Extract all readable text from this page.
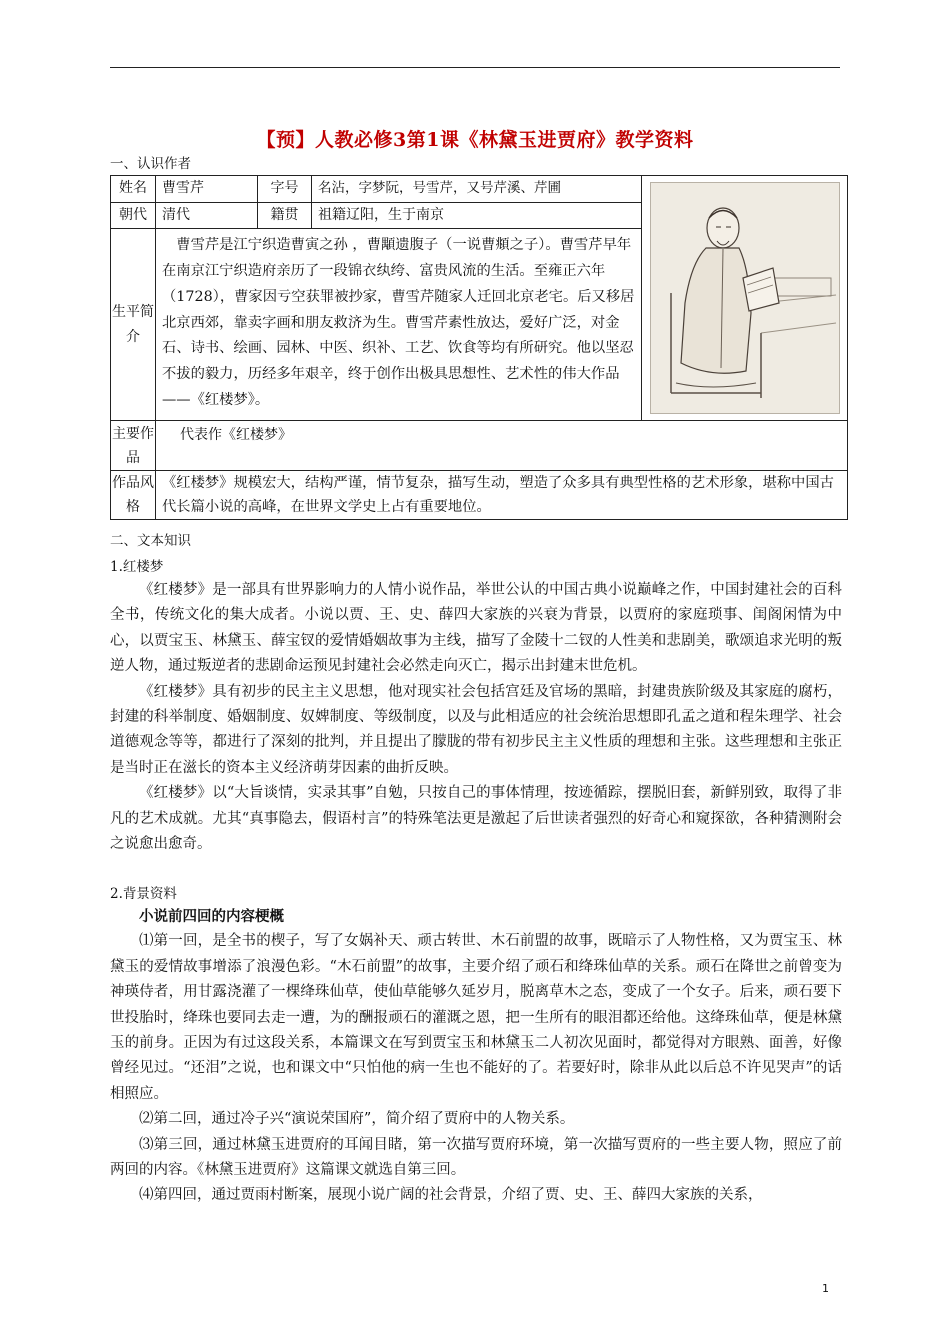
【预】人教必修3第1课《林黛玉进贾府》教学资料
一、认识作者
姓名	曹雪芹	字号	名沾，字梦阮，号雪芹，又号芹溪、芹圃	

朝代	清代	籍贯	祖籍辽阳，生于南京	
生平简介	曹雪芹是江宁织造曹寅之孙 ，曹顒遗腹子（一说曹頫之子）。曹雪芹早年在南京江宁织造府亲历了一段锦衣纨绔、富贵风流的生活。至雍正六年（1728），曹家因亏空获罪被抄家，曹雪芹随家人迁回北京老宅。后又移居北京西郊，靠卖字画和朋友救济为生。曹雪芹素性放达，爱好广泛，对金石、诗书、绘画、园林、中医、织补、工艺、饮食等均有所研究。他以坚忍不拔的毅力，历经多年艰辛，终于创作出极具思想性、艺术性的伟大作品——《红楼梦》。			
主要作品	代表作《红楼梦》			
作品风格	《红楼梦》规模宏大，结构严谨，情节复杂，描写生动，塑造了众多具有典型性格的艺术形象，堪称中国古代长篇小说的高峰，在世界文学史上占有重要地位。			
二、文本知识
1.红楼梦

《红楼梦》是一部具有世界影响力的人情小说作品，举世公认的中国古典小说巅峰之作，中国封建社会的百科全书，传统文化的集大成者。小说以贾、王、史、薛四大家族的兴衰为背景，以贾府的家庭琐事、闺阁闲情为中心，以贾宝玉、林黛玉、薛宝钗的爱情婚姻故事为主线，描写了金陵十二钗的人性美和悲剧美，歌颂追求光明的叛逆人物，通过叛逆者的悲剧命运预见封建社会必然走向灭亡，揭示出封建末世危机。

《红楼梦》具有初步的民主主义思想，他对现实社会包括宫廷及官场的黑暗，封建贵族阶级及其家庭的腐朽，封建的科举制度、婚姻制度、奴婢制度、等级制度，以及与此相适应的社会统治思想即孔孟之道和程朱理学、社会道德观念等等，都进行了深刻的批判，并且提出了朦胧的带有初步民主主义性质的理想和主张。这些理想和主张正是当时正在滋长的资本主义经济萌芽因素的曲折反映。

《红楼梦》以“大旨谈情，实录其事”自勉，只按自己的事体情理，按迹循踪，摆脱旧套，新鲜别致，取得了非凡的艺术成就。尤其“真事隐去，假语村言”的特殊笔法更是激起了后世读者强烈的好奇心和窥探欲，各种猜测附会之说愈出愈奇。

2.背景资料
小说前四回的内容梗概

⑴第一回，是全书的楔子，写了女娲补天、顽古转世、木石前盟的故事，既暗示了人物性格，又为贾宝玉、林黛玉的爱情故事增添了浪漫色彩。“木石前盟”的故事，主要介绍了顽石和绛珠仙草的关系。顽石在降世之前曾变为神瑛侍者，用甘露浇灌了一棵绛珠仙草，使仙草能够久延岁月，脱离草木之态，变成了一个女子。后来，顽石要下世投胎时，绛珠也要同去走一遭，为的酬报顽石的灌溉之恩，把一生所有的眼泪都还给他。这绛珠仙草，便是林黛玉的前身。正因为有过这段关系，本篇课文在写到贾宝玉和林黛玉二人初次见面时，都觉得对方眼熟、面善，好像曾经见过。“还泪”之说，也和课文中“只怕他的病一生也不能好的了。若要好时，除非从此以后总不许见哭声”的话相照应。

⑵第二回，通过冷子兴“演说荣国府”，简介绍了贾府中的人物关系。

⑶第三回，通过林黛玉进贾府的耳闻目睹，第一次描写贾府环境，第一次描写贾府的一些主要人物，照应了前两回的内容。《林黛玉进贾府》这篇课文就选自第三回。

⑷第四回，通过贾雨村断案，展现小说广阔的社会背景，介绍了贾、史、王、薛四大家族的关系，

1
